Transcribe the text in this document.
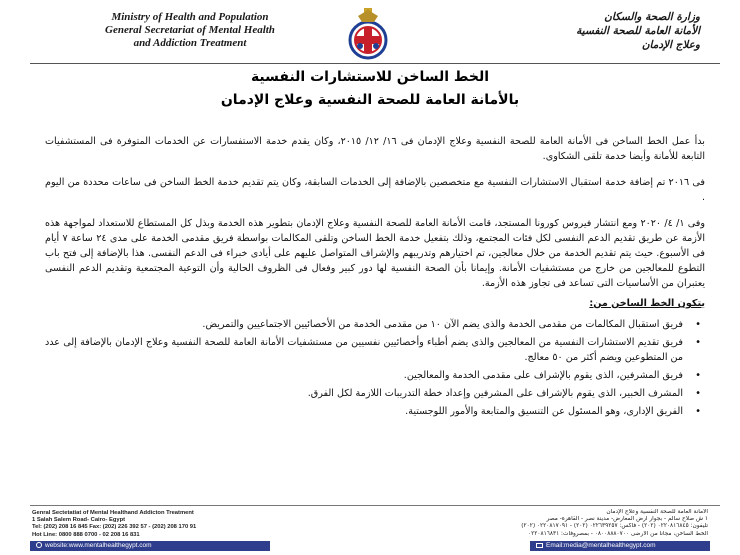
Ministry of Health and Population
General Secretariat of Mental Health
and Addiction Treatment
وزارة الصحة والسكان
الأمانة العامة للصحة النفسية
وعلاج الإدمان
الخط الساخن للاستشارات النفسية
بالأمانة العامة للصحة النفسية وعلاج الإدمان

بدأ عمل الخط الساخن فى الأمانة العامة للصحة النفسية وعلاج الإدمان فى ١٦/ ١٢/ ٢٠١٥، وكان يقدم خدمة الاستفسارات عن الخدمات المتوفرة فى المستشفيات التابعة للأمانة وأيضا خدمة تلقى الشكاوى.

فى ٢٠١٦ تم إضافة خدمة استقبال الاستشارات النفسية مع متخصصين بالإضافة إلى الخدمات السابقة، وكان يتم تقديم خدمة الخط الساخن فى ساعات محددة من اليوم .

وفى ١/ ٤/ ٢٠٢٠ ومع انتشار فيروس كورونا المستجد، قامت الأمانة العامة للصحة النفسية وعلاج الإدمان بتطوير هذه الخدمة وبذل كل المستطاع للاستعداد لمواجهة هذه الأزمة عن طريق تقديم الدعم النفسى لكل فئات المجتمع، وذلك بتفعيل خدمة الخط الساخن وتلقى المكالمات بواسطة فريق مقدمى الخدمة على مدى ٢٤ ساعة ٧ أيام فى الأسبوع. حيث يتم تقديم الخدمة من خلال معالجين، تم اختيارهم وتدريبهم والإشراف المتواصل عليهم على أيادى خبراء فى الدعم النفسى. هذا بالإضافة إلى فتح باب التطوع للمعالجين من خارج من مستشفيات الأمانة. وإيمانا بأن الصحة النفسية لها دور كبير وفعال فى الظروف الحالية وأن التوعية المجتمعية وتقديم الدعم النفسى يعتبران من الأساسيات التى تساعد فى تجاوز هذه الأزمة.

يتكون الخط الساخن من:
•
فريق استقبال المكالمات من مقدمى الخدمة والذى يضم الآن ١٠ من مقدمى الخدمة من الأخصائيين الاجتماعيين والتمريض.
•
فريق تقديم الاستشارات النفسية من المعالجين والذى يضم أطباء وأخصائيين نفسيين من مستشفيات الأمانة العامة للصحة النفسية وعلاج الإدمان بالإضافة إلى عدد من المتطوعين ويضم أكثر من ٥٠ معالج.
•
فريق المشرفين، الذى يقوم بالإشراف على مقدمى الخدمة والمعالجين.
•
المشرف الخبير، الذى يقوم بالإشراف على المشرفين وإعداد خطة التدريبات اللازمة لكل الفرق.
•
الفريق الإدارى، وهو المسئول عن التنسيق والمتابعة والأمور اللوجستية.
Genral Sectetatiat of Mental Healthand Addicton Treatment
1 Salah Salem Road- Cairo- Egypt
Tel: (202) 208 16 845 Fax: (202) 226 392 57 - (202) 208 170 91
Hot Line: 0800 888 0700 - 02 208 16 831
الأمانة العامة للصحة النفسية وعلاج الإدمان
١ ش صلاح سالم - بجوار أرض المعارض- مدينة نصر - القاهرة- مصر
تليفون: ٠٢٢٠٨١٦٨٤٥ (٢٠٢) - فاكس: ٠٢٢٦٣٩٢٥٧ (٢٠٢) - ٠٢٢٠٨١٧٠٩١ (٢٠٢)
الخط الساخن، مجاناً من الأرضى ٠٨٠٠٨٨٨٠٧٠٠ - بمصروفات: ٠٢٢٠٨١٦٨٣١
website:www.mentalhealthegypt.com	Email:media@mentalhealthegypt.com
